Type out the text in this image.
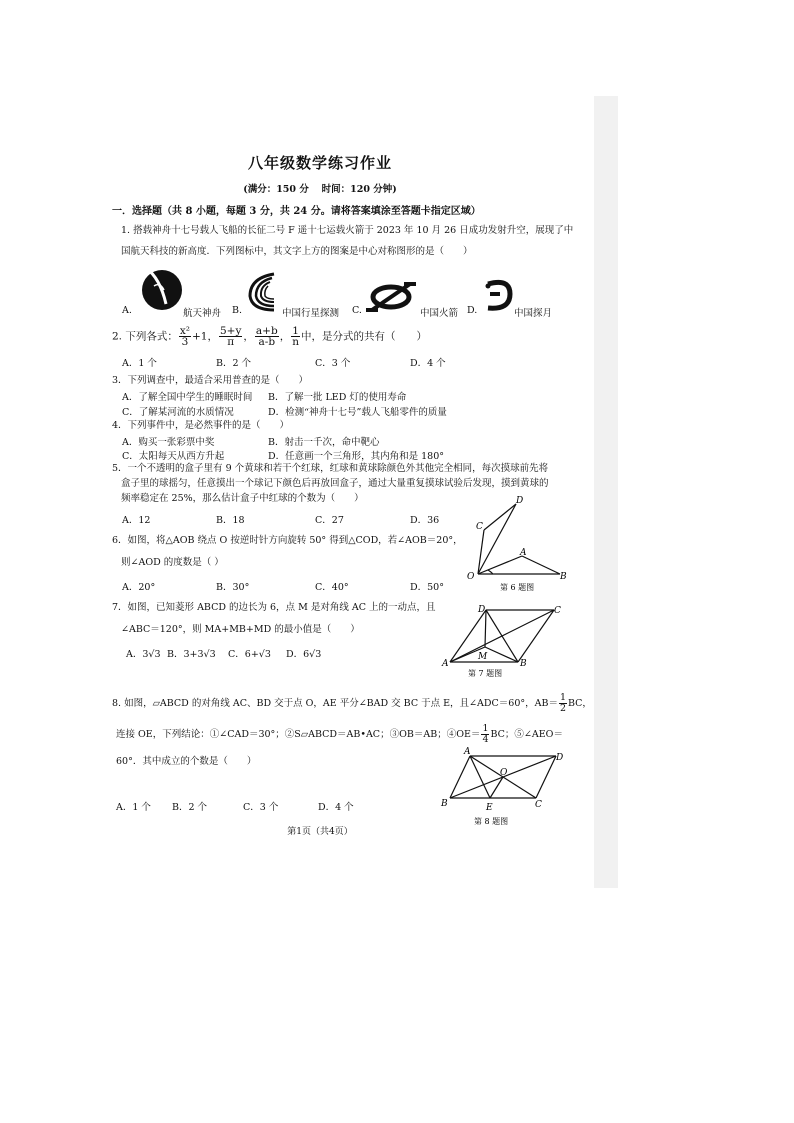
八年级数学练习作业
(满分：150 分　 时间：120 分钟)
一．选择题（共 8 小题，每题 3 分，共 24 分。请将答案填涂至答题卡指定区域）
1. 搭载神舟十七号载人飞船的长征二号 F 遥十七运载火箭于 2023 年 10 月 26 日成功发射升空，展现了中
国航天科技的新高度．下列图标中，其文字上方的图案是中心对称图形的是（　　）
A.	航天神舟 B.	中国行星探测 C.	中国火箭 D.	中国探月
2. 下列各式： $\frac{\text{x²}}{3} +1$， $\frac{5+y}{\pi}$ ， $\frac{a+b}{a-b}$ ， $\frac{1}{n}$ 中，是分式的共有（　　）
A．1 个	B．2 个	C．3 个	D．4 个
3．下列调查中，最适合采用普查的是（　　）
A．了解全国中学生的睡眠时间 B．了解一批 LED 灯的使用寿命
C．了解某河流的水质情况	D．检测“神舟十七号”载人飞船零件的质量
4．下列事件中，是必然事件的是（　　）
A．购买一张彩票中奖	B．射击一千次，命中靶心
C．太阳每天从西方升起	D．任意画一个三角形，其内角和是 180°
5．一个不透明的盒子里有 9 个黄球和若干个红球，红球和黄球除颜色外其他完全相同，每次摸球前先将
盒子里的球摇匀，任意摸出一个球记下颜色后再放回盒子，通过大量重复摸球试验后发现，摸到黄球的
频率稳定在 25%，那么估计盒子中红球的个数为（　　）
A．12	B．18	C．27	D．36
6．如图，将△AOB 绕点 O 按逆时针方向旋转 50° 得到△COD，若∠AOB＝20°，
则∠AOD 的度数是（ ）
A．20°	B．30°	C．40°	D．50°
D
C
A
O	B
第 6 题图
7．如图，已知菱形 ABCD 的边长为 6，点 M 是对角线 AC 上的一动点，且
∠ABC＝120°，则 MA+MB+MD 的最小值是（　　）
A．3√3 B．3+3√3 C．6+√3 D．6√3
D	C
A	B
M
第 7 题图
8. 如图，▱ABCD 的对角线 AC、BD 交于点 O，AE 平分∠BAD 交 BC 于点 E，且∠ADC＝60°，$AB= \frac{1}{2}$ BC，
连接 OE，下列结论：①∠CAD＝30°；②S▱ABCD＝AB•AC；③OB＝AB；④OE＝ $\frac{1}{4}$ BC；⑤∠AEO＝
60°．其中成立的个数是（　　）
A．1 个 B．2 个	C．3 个	D．4 个
A
D
O
B	E	C
第 8 题图
第1页（共4页）
